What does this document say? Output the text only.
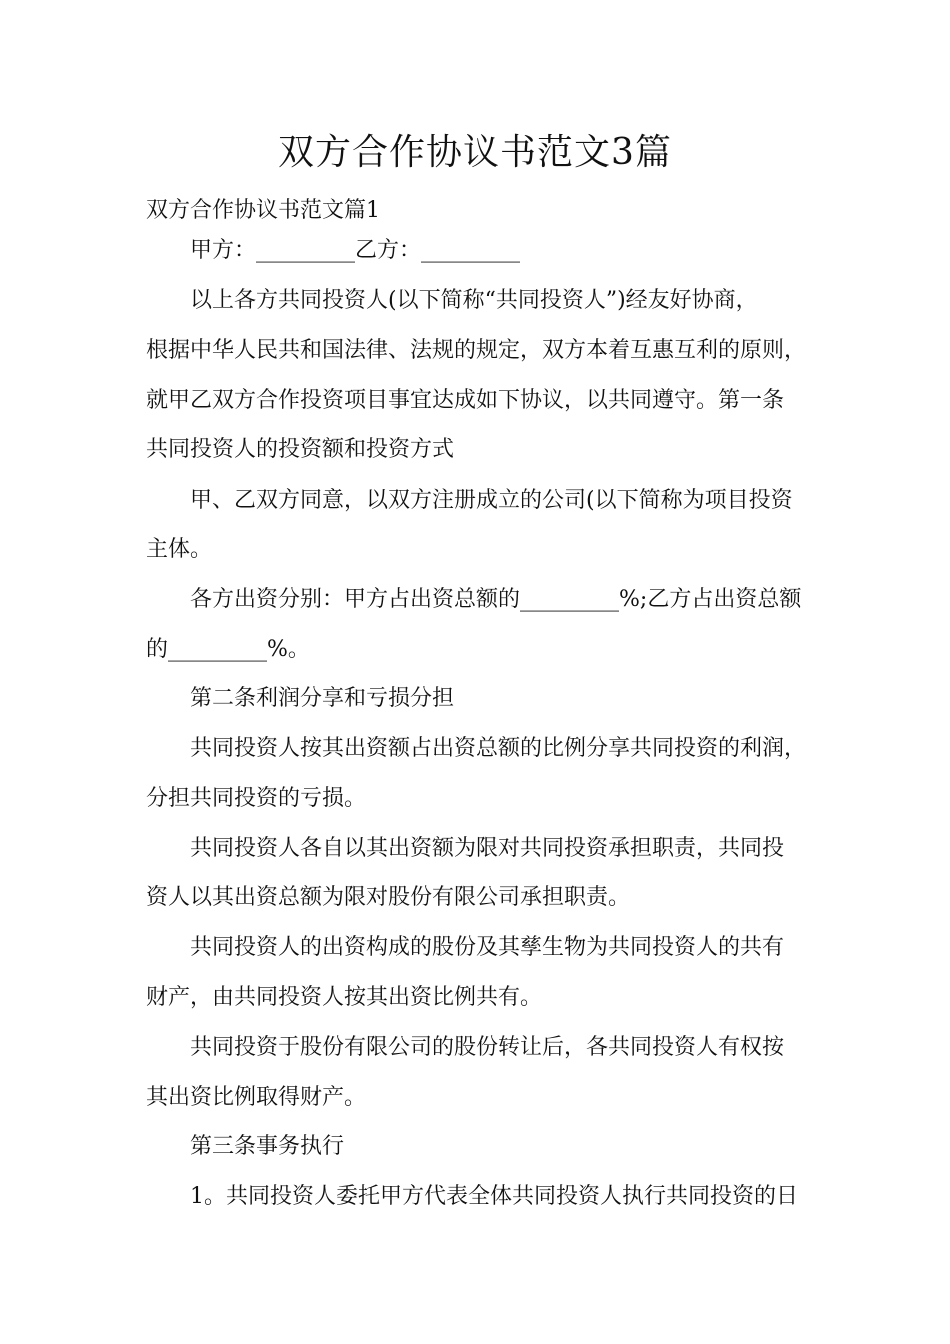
双方合作协议书范文3篇

双方合作协议书范文篇1

甲方：_________乙方：_________

以上各方共同投资人(以下简称“共同投资人”)经友好协商，

根据中华人民共和国法律、法规的规定，双方本着互惠互利的原则，

就甲乙双方合作投资项目事宜达成如下协议，以共同遵守。第一条

共同投资人的投资额和投资方式

甲、乙双方同意，以双方注册成立的公司(以下简称为项目投资

主体。

各方出资分别：甲方占出资总额的_________%;乙方占出资总额

的_________%。

第二条利润分享和亏损分担

共同投资人按其出资额占出资总额的比例分享共同投资的利润，

分担共同投资的亏损。

共同投资人各自以其出资额为限对共同投资承担职责，共同投

资人以其出资总额为限对股份有限公司承担职责。

共同投资人的出资构成的股份及其孳生物为共同投资人的共有

财产，由共同投资人按其出资比例共有。

共同投资于股份有限公司的股份转让后，各共同投资人有权按

其出资比例取得财产。

第三条事务执行

1。共同投资人委托甲方代表全体共同投资人执行共同投资的日
